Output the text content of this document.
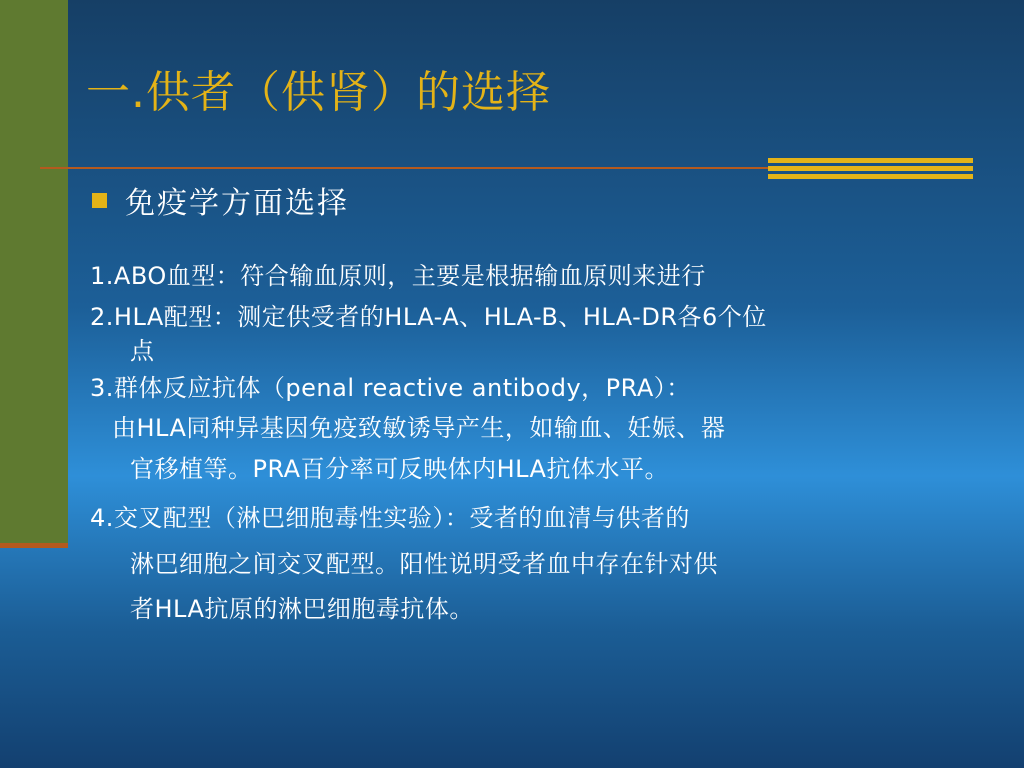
一.供者（供肾）的选择
免疫学方面选择
1.ABO血型：符合输血原则，主要是根据输血原则来进行
2.HLA配型：测定供受者的HLA-A、HLA-B、HLA-DR各6个位
点
3.群体反应抗体（penal reactive antibody，PRA）：
由HLA同种异基因免疫致敏诱导产生，如输血、妊娠、器
官移植等。PRA百分率可反映体内HLA抗体水平。
4.交叉配型（淋巴细胞毒性实验）：受者的血清与供者的
淋巴细胞之间交叉配型。阳性说明受者血中存在针对供
者HLA抗原的淋巴细胞毒抗体。
